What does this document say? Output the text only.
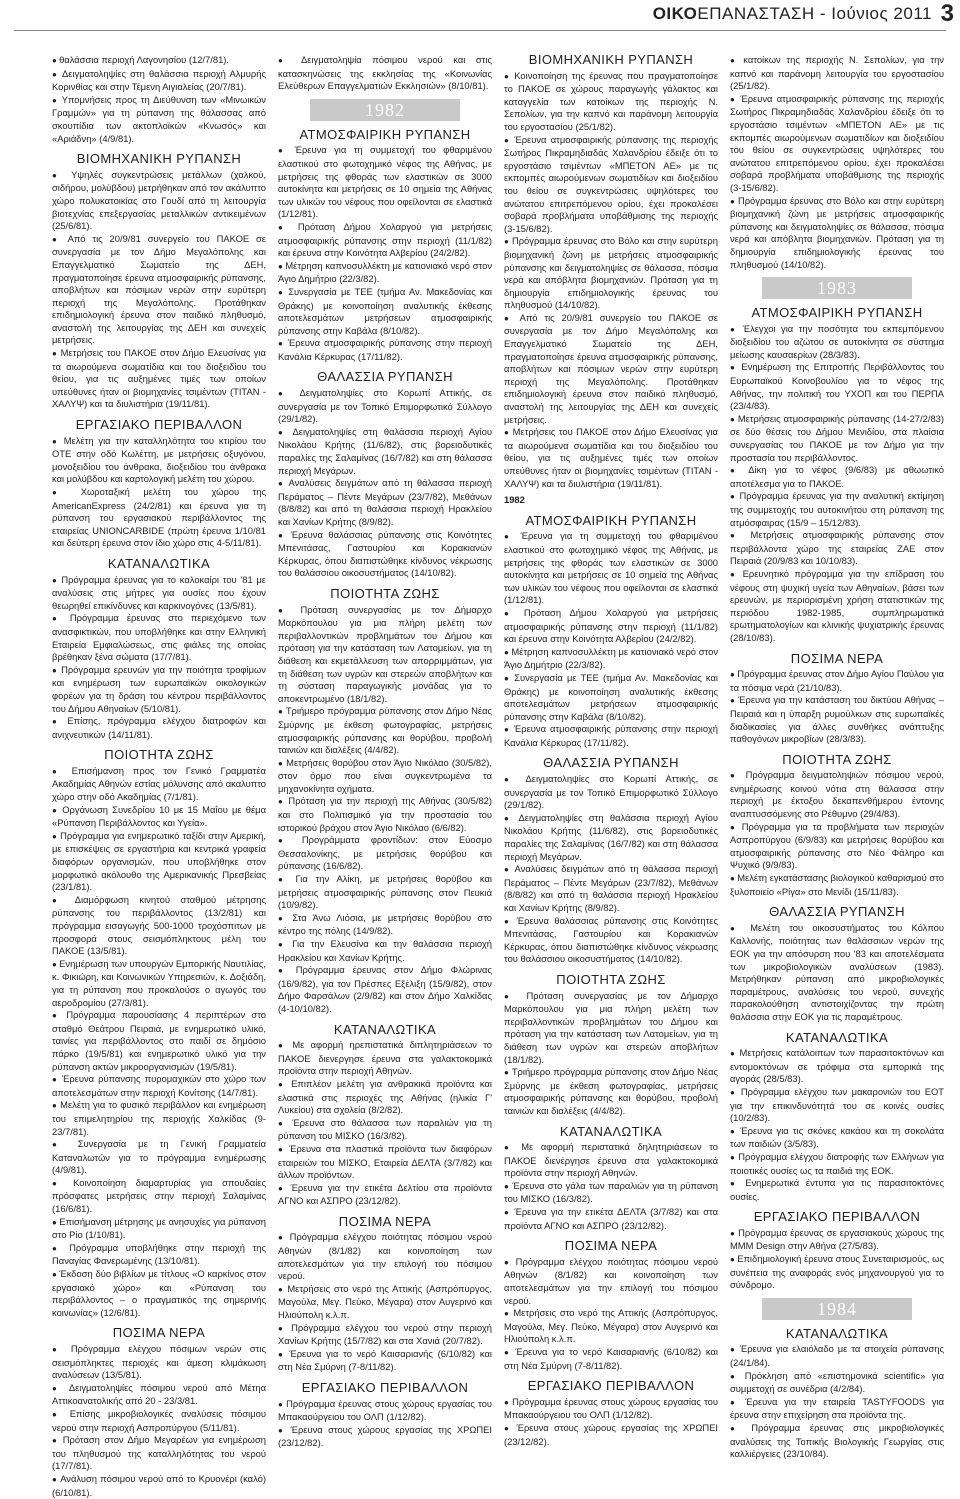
ΟΙΚΟΕΠΑΝΑΣΤΑΣΗ - Ιούνιος 2011 3

● θαλάσσια περιοχή Λαγονησίου (12/7/81).

● Δειγματοληψίες στη θαλάσσια περιοχή Αλμυρής Κορινθίας και στην Τέμενη Αιγιαλείας (20/7/81).

● Υπομνήσεις προς τη Διεύθυνση των «Μινωικών Γραμμών» για τη ρύπανση της θάλασσας από σκουπίδια των ακτοπλοϊκών «Κνωσός» και «Αριάδνη» (4/9/81).

ΒΙΟΜΗΧΑΝΙΚΗ ΡΥΠΑΝΣΗ

● Υψηλές συγκεντρώσεις μετάλλων (χαλκού, σιδήρου, μολύβδου) μετρήθηκαν από τον ακάλυπτο χώρο πολυκατοικίας στο Γουδί από τη λειτουργία βιοτεχνίας επεξεργασίας μεταλλικών αντικειμένων (25/6/81).

● Από τις 20/9/81 συνεργείο του ΠΑΚΟΕ σε συνεργασία με τον Δήμο Μεγαλόπολης και Επαγγελματικό Σωματείο της ΔΕΗ, πραγματοποίησε έρευνα ατμοσφαιρικής ρύπανσης, αποβλήτων και πόσιμων νερών στην ευρύτερη περιοχή της Μεγαλόπολης. Προτάθηκαν επιδημιολογική έρευνα στον παιδικό πληθυσμό, αναστολή της λειτουργίας της ΔΕΗ και συνεχείς μετρήσεις.

● Μετρήσεις του ΠΑΚΟΕ στον Δήμο Ελευσίνας για τα αιωρούμενα σωματίδια και του διοξειδίου του θείου, για τις αυξημένες τιμές των οποίων υπεύθυνες ήταν οι βιομηχανίες τσιμέντων (ΤΙΤΑΝ - ΧΑΛΥΨ) και τα διυλιστήρια (19/11/81).

ΕΡΓΑΣΙΑΚΟ ΠΕΡΙΒΑΛΛΟΝ

● Μελέτη για την καταλληλότητα του κτιρίου του ΟΤΕ στην οδό Κωλέττη, με μετρήσεις οξυγόνου, μονοξειδίου του άνθρακα, διοξειδίου του άνθρακα και μολύβδου και καρτολογική μελέτη του χώρου.

● Χωροταξική μελέτη του χώρου της AmericanExpress (24/2/81) και έρευνα για τη ρύπανση του εργασιακού περιβάλλοντος της εταιρείας UNIONCARBIDE (πρώτη έρευνα 1/10/81 και δεύτερη έρευνα στον ίδιο χώρο στις 4-5/11/81).

ΚΑΤΑΝΑΛΩΤΙΚΑ

● Πρόγραμμα έρευνας για το καλοκαίρι του '81 με αναλύσεις στις μήτρες για ουσίες που έχουν θεωρηθεί επικίνδυνες και καρκινογόνες (13/5/81).

● Πρόγραμμα έρευνας στο περιεχόμενο των ανασφικτικών, που υποβλήθηκε και στην Ελληνική Εταιρεία Εμφιαλώσεως, στις φιάλες της οποίας βρέθηκαν ξένα σώματα (17/7/81).

● Πρόγραμμα ερευνών για την ποιότητα τροφίμων και ενημέρωση των ευρωπαϊκών οικολογικών φορέων για τη δράση του κέντρου περιβάλλοντος του Δήμου Αθηναίων (5/10/81).

● Επίσης, πρόγραμμα ελέγχου διατροφών και ανιχνευτικών (14/11/81).

ΠΟΙΟΤΗΤΑ ΖΩΗΣ

● Επισήμανση προς τον Γενικό Γραμματέα Ακαδημίας Αθηνών εστίας μόλυνσης από ακαλυπτο χώρο στην οδό Ακαδημίας (7/1/81).

● Οργάνωση Συνεδρίου 10 με 15 Μαΐου με θέμα «Ρύπανση Περιβάλλοντος και Υγεία».

● Πρόγραμμα για ενημερωτικό ταξίδι στην Αμερική, με επισκέψεις σε εργαστήρια και κεντρικά γραφεία διαφόρων οργανισμών, που υποβλήθηκε στον μορφωτικό ακόλουθο της Αμερικανικής Πρεσβείας (23/1/81).

● Διαμόρφωση κινητού σταθμού μέτρησης ρύπανσης του περιβάλλοντος (13/2/81) και πρόγραμμα εισαγωγής 500-1000 τροχόσπιτων με προσφορά στους σεισμόπληκτους μέλη του ΠΑΚΟΕ (13/5/81).

● Ενημέρωση των υπουργών Εμπορικής Ναυτιλίας, κ. Φικιώρη, και Κοινωνικών Υπηρεσιών, κ. Δοξιάδη, για τη ρύπανση που προκαλούσε ο αγωγός του αεροδρομίου (27/3/81).

● Πρόγραμμα παρουσίασης 4 περιπτέρων στο σταθμό Θεάτρου Πειραιά, με ενημερωτικό υλικό, ταινίες για περιβάλλοντος στο παιδί σε δημόσιο πάρκο (19/5/81) και ενημερωτικό υλικό για την ρύπανση ακτών μικροοργανισμών (19/5/81).

● Έρευνα ρύπανσης πυρομαχικών στο χώρο των αποτελεσμάτων στην περιοχή Κονίτσης (14/7/81).

● Μελέτη για το φυσικό περιβάλλον και ενημέρωση του επιμελητηρίου της περιοχής Χαλκίδας (9-23/7/81).

● Συνεργασία με τη Γενική Γραμματεία Καταναλωτών για το πρόγραμμα ενημέρωσης (4/9/81).

● Κοινοποίηση διαμαρτυρίας για σπουδαίες πρόσφατες μετρήσεις στην περιοχή Σαλαμίνας (16/6/81).

● Επισήμανση μέτρησης με ανησυχίες για ρύπανση στο Ρίο (1/10/81).

● Πρόγραμμα υποβλήθηκε στην περιοχή της Παναγίας Φανερωμένης (13/10/81).

● Έκδοση δύο βιβλίων με τίτλους «Ο καρκίνος στον εργασιακό χώρο» και «Ρύπανση του περιβάλλοντος – ο πραγματικός της σημερινής κοινωνίας» (12/6/81).

ΠΟΣΙΜΑ ΝΕΡΑ

● Πρόγραμμα ελέγχου πόσιμων νερών στις σεισμόπληκτες περιοχές και άμεση κλιμάκωση αναλύσεων (13/5/81).

● Δειγματοληψίες πόσιμου νερού από Μέτηα Αττικοανατολικής από 20 - 23/3/81.

● Επίσης μικροβιολογικές αναλύσεις πόσιμου νερού στην περιοχή Ασπροπύργου (5/11/81).

● Πρόταση στον Δήμο Μεγαρέων για ενημέρωση του πληθυσμού της καταλληλότητας του νερού (17/7/81).

● Ανάλυση πόσιμου νερού από το Κρυονέρι (καλό) (6/10/81).

● Δειγματοληψία πόσιμου νερού και στις κατασκηνώσεις της εκκλησίας της «Κοινωνίας Ελεύθερων Επαγγελματιών Εκκλησιών» (8/10/81).

1982
ΑΤΜΟΣΦΑΙΡΙΚΗ ΡΥΠΑΝΣΗ

● Έρευνα για τη συμμετοχή του φθαριμένου ελαστικού στο φωτοχημικό νέφος της Αθήνας, με μετρήσεις της φθοράς των ελαστικών σε 3000 αυτοκίνητα και μετρήσεις σε 10 σημεία της Αθήνας των υλικών του νέφους που οφείλονται σε ελαστικά (1/12/81).

● Πρόταση Δήμου Χολαργού για μετρήσεις ατμοσφαιρικής ρύπανσης στην περιοχή (11/1/82) και έρευνα στην Κοινότητα Αλβερίου (24/2/82).

● Μέτρηση καπνοσυλλέκτη με κατιονιακό νερό στον Άγιο Δημήτριο (22/3/82).

● Συνεργασία με ΤΕΕ (τμήμα Αν. Μακεδονίας και Θράκης) με κοινοποίηση αναλυτικής έκθεσης αποτελεσμάτων μετρήσεων ατμοσφαιρικής ρύπανσης στην Καβάλα (8/10/82).

● Έρευνα ατμοσφαιρικής ρύπανσης στην περιοχή Κανάλια Κέρκυρας (17/11/82).

ΘΑΛΑΣΣΙΑ ΡΥΠΑΝΣΗ

● Δειγματοληψίες στο Κορωπί Αττικής, σε συνεργασία με τον Τοπικό Επιμορφωτικό Σύλλογο (29/1/82).

● Δειγματοληψίες στη θαλάσσια περιοχή Αγίου Νικολάου Κρήτης (11/6/82), στις βορειοδυτικές παραλίες της Σαλαμίνας (16/7/82) και στη θάλασσα περιοχή Μεγάρων.

● Αναλύσεις δειγμάτων από τη θάλασσα περιοχή Περάματος – Πέντε Μεγάρων (23/7/82), Μεθάνων (8/8/82) και από τη θαλάσσια περιοχή Ηρακλείου και Χανίων Κρήτης (8/9/82).

● Έρευνα θαλάσσιας ρύπανσης στις Κοινότητες Μπενιτάσας, Γαστουρίου και Κορακιανών Κέρκυρας, όπου διαπιστώθηκε κίνδυνος νέκρωσης του θαλάσσιου οικοσυστήματος (14/10/82).

ΠΟΙΟΤΗΤΑ ΖΩΗΣ

● Πρόταση συνεργασίας με τον Δήμαρχο Μαρκόπουλου για μια πλήρη μελέτη των περιβαλλοντικών προβλημάτων του Δήμου και πρόταση για την κατάσταση των Λατομείων, για τη διάθεση και εκμετάλλευση των απορριμμάτων, για τη διάθεση των υγρών και στερεών αποβλήτων και τη σύσταση παραγωγικής μονάδας για το αποκεντρωμένο (18/1/82).

● Τριήμερο πρόγραμμα ρύπανσης στον Δήμο Νέας Σμύρνης με έκθεση φωτογραφίας, μετρήσεις ατμοσφαιρικής ρύπανσης και θορύβου, προβολή ταινιών και διαλέξεις (4/4/82).

● Μετρήσεις θορύβου στον Άγιο Νικόλαο (30/5/82), στον όρμο που είναι συγκεντρωμένα τα μηχανοκίνητα οχήματα.

● Πρόταση για την περιοχή της Αθήνας (30/5/82) και στο Πολιτισμικό για την προστασία του ιστορικού βράχου στον Άγιο Νικόλαο (6/6/82).

● Προγράμματα φροντίδων: στον Εύοσμο Θεσσαλονίκης, με μετρήσεις θορύβου και ρύπανσης (16/6/82).

● Για την Αλίκη, με μετρήσεις θορύβου και μετρήσεις ατμοσφαιρικής ρύπανσης στον Πευκιά (10/9/82).

● Στα Άνω Λιόσια, με μετρήσεις θορύβου στο κέντρο της πόλης (14/9/82).

● Για την Ελευσίνα και την θαλάσσια περιοχή Ηρακλείου και Χανίων Κρήτης.

● Πρόγραμμα έρευνας στον Δήμο Φλώρινας (16/9/82), για τον Πρέσπες Εξέλιξη (15/9/82), στον Δήμο Φαρσάλων (2/9/82) και στον Δήμο Χαλκίδας (4-10/10/82).

ΚΑΤΑΝΑΛΩΤΙΚΑ

● Με αφορμή ηρεπιστατικά διπλητηριάσεων το ΠΑΚΟΕ διενεργησε έρευνα στα γαλακτοκομικά προϊόντα στην περιοχή Αθηνών.

● Επιπλέον μελέτη για ανθρακικά προϊόντα και ελαστικά στις περιοχές της Αθήνας (ηλικία Γ' Λυκείου) στα σχολεία (8/2/82).

● Έρευνα στο θάλασσα των παραλιών για τη ρύπανση του ΜΙΣΚΟ (16/3/82).

● Έρευνα στα πλαστικά προϊόντα των διαφόρων εταιρειών του ΜΙΣΚΟ, Εταιρεία ΔΕΛΤΑ (3/7/82) και άλλων προϊόντων.

● Έρευνα για την ετικέτα Δελτίου στα προϊόντα ΑΓΝΟ και ΑΣΠΡΟ (23/12/82).

ΠΟΣΙΜΑ ΝΕΡΑ

● Πρόγραμμα ελέγχου ποιότητας πόσιμου νερού Αθηνών (8/1/82) και κοινοποίηση των αποτελεσμάτων για την επιλογή του πόσιμου νερού.

● Μετρήσεις στο νερό της Αττικής (Ασπρόπυργος, Μαγούλα, Μεγ. Πεύκο, Μέγαρα) στον Αυγερινό και Ηλιούπολη κ.λ.π.

● Πρόγραμμα ελέγχου του νερού στην περιοχή Χανίων Κρήτης (15/7/82) και στα Χανιά (20/7/82).

● Έρευνα για το νερό Καισαριανής (6/10/82) και στη Νέα Σμύρνη (7-8/11/82).

ΕΡΓΑΣΙΑΚΟ ΠΕΡΙΒΑΛΛΟΝ

● Πρόγραμμα έρευνας στους χώρους εργασίας του Μπακαούργειου του ΟΛΠ (1/12/82).

● Έρευνα στους χώρους εργασίας της ΧΡΩΠΕΙ (23/12/82).

ΒΙΟΜΗΧΑΝΙΚΗ ΡΥΠΑΝΣΗ

● Κοινοποίηση της έρευνας που πραγματοποίησε το ΠΑΚΟΕ σε χώρους παραγωγής γάλακτος και καταγγελία των κατοίκων της περιοχής Ν. Σεπολίων, για την καπνό και παράνομη λειτουργία του εργοστασίου (25/1/82).

● Έρευνα ατμοσφαιρικής ρύπανσης της περιοχής Σωτήρος Πικραμηδιαδάς Χαλανδρίου έδειξε ότι το εργοστάσιο τσιμέντων «ΜΠΕΤΟΝ ΑΕ» με τις εκπομπές αιωρούμενων σωματιδίων και διοξειδίου του θείου σε συγκεντρώσεις υψηλότερες του ανώτατου επιτρεπόμενου ορίου, έχει προκαλέσει σοβαρά προβλήματα υποβάθμισης της περιοχής (3-15/6/82).

● Πρόγραμμα έρευνας στο Βόλο και στην ευρύτερη βιομηχανική ζώνη με μετρήσεις ατμοσφαιρικής ρύπανσης και δειγματοληψίες σε θάλασσα, πόσιμα νερά και απόβλητα βιομηχανιών. Πρόταση για τη δημιουργία επιδημιολογικής έρευνας του πληθυσμού (14/10/82).

● Από τις 20/9/81 συνεργείο του ΠΑΚΟΕ σε συνεργασία με τον Δήμο Μεγαλόπολης και Επαγγελματικό Σωματείο της ΔΕΗ, πραγματοποίησε έρευνα ατμοσφαιρικής ρύπανσης, αποβλήτων και πόσιμων νερών στην ευρύτερη περιοχή της Μεγαλόπολης. Προτάθηκαν επιδημιολογική έρευνα στον παιδικό πληθυσμό, αναστολή της λειτουργίας της ΔΕΗ και συνεχείς μετρήσεις.

● Μετρήσεις του ΠΑΚΟΕ στον Δήμο Ελευσίνας για τα αιωρούμενα σωματίδια και του διοξειδίου του θείου, για τις αυξημένες τιμές των οποίων υπεύθυνες ήταν οι βιομηχανίες τσιμέντων (ΤΙΤΑΝ - ΧΑΛΥΨ) και τα διυλιστήρια (19/11/81).

1982
ΑΤΜΟΣΦΑΙΡΙΚΗ ΡΥΠΑΝΣΗ

● Έρευνα για τη συμμετοχή του φθαριμένου ελαστικού στο φωτοχημικό νέφος της Αθήνας, με μετρήσεις της φθοράς των ελαστικών σε 3000 αυτοκίνητα και μετρήσεις σε 10 σημεία της Αθήνας των υλικών του νέφους που οφείλονται σε ελαστικά (1/12/81).

● Πρόταση Δήμου Χολαργού για μετρήσεις ατμοσφαιρικής ρύπανσης στην περιοχή (11/1/82) και έρευνα στην Κοινότητα Αλβερίου (24/2/82).

● Μέτρηση καπνοσυλλέκτη με κατιονιακό νερό στον Άγιο Δημήτριο (22/3/82).

● Συνεργασία με ΤΕΕ (τμήμα Αν. Μακεδονίας και Θράκης) με κοινοποίηση αναλυτικής έκθεσης αποτελεσμάτων μετρήσεων ατμοσφαιρικής ρύπανσης στην Καβάλα (8/10/82).

● Έρευνα ατμοσφαιρικής ρύπανσης στην περιοχή Κανάλια Κέρκυρας (17/11/82).

ΘΑΛΑΣΣΙΑ ΡΥΠΑΝΣΗ

● Δειγματοληψίες στο Κορωπί Αττικής, σε συνεργασία με τον Τοπικό Επιμορφωτικό Σύλλογο (29/1/82).

● Δειγματοληψίες στη θαλάσσια περιοχή Αγίου Νικολάου Κρήτης (11/6/82), στις βορειοδυτικές παραλίες της Σαλαμίνας (16/7/82) και στη θάλασσα περιοχή Μεγάρων.

● Αναλύσεις δειγμάτων από τη θάλασσα περιοχή Περάματος – Πέντε Μεγάρων (23/7/82), Μεθάνων (8/8/82) και από τη θαλάσσια περιοχή Ηρακλείου και Χανίων Κρήτης (8/9/82).

● Έρευνα θαλάσσιας ρύπανσης στις Κοινότητες Μπενιτάσας, Γαστουρίου και Κορακιανών Κέρκυρας, όπου διαπιστώθηκε κίνδυνος νέκρωσης του θαλάσσιου οικοσυστήματος (14/10/82).

ΠΟΙΟΤΗΤΑ ΖΩΗΣ

● Πρόταση συνεργασίας με τον Δήμαρχο Μαρκόπουλου για μια πλήρη μελέτη των περιβαλλοντικών προβλημάτων του Δήμου και πρόταση για την κατάσταση των Λατομείων, για τη διάθεση των υγρών και στερεών αποβλήτων (18/1/82).

● Τριήμερο πρόγραμμα ρύπανσης στον Δήμο Νέας Σμύρνης με έκθεση φωτογραφίας, μετρήσεις ατμοσφαιρικής ρύπανσης και θορύβου, προβολή ταινιών και διαλέξεις (4/4/82).

ΚΑΤΑΝΑΛΩΤΙΚΑ

● Με αφορμή περιστατικά δηλητηριάσεων το ΠΑΚΟΕ διενέργησε έρευνα στα γαλακτοκομικά προϊόντα στην περιοχή Αθηνών.

● Έρευνα στο γάλα των παραλιών για τη ρύπανση του ΜΙΣΚΟ (16/3/82).

● Έρευνα για την ετικέτα ΔΕΛΤΑ (3/7/82) και στα προϊόντα ΑΓΝΟ και ΑΣΠΡΟ (23/12/82).

ΠΟΣΙΜΑ ΝΕΡΑ

● Πρόγραμμα ελέγχου ποιότητας πόσιμου νερού Αθηνών (8/1/82) και κοινοποίηση των αποτελεσμάτων για την επιλογή του πόσιμου νερού.

● Μετρήσεις στο νερό της Αττικής (Ασπρόπυργος, Μαγούλα, Μεγ. Πεύκο, Μέγαρα) στον Αυγερινό και Ηλιούπολη κ.λ.π.

● Έρευνα για το νερό Καισαριανής (6/10/82) και στη Νέα Σμύρνη (7-8/11/82).

ΕΡΓΑΣΙΑΚΟ ΠΕΡΙΒΑΛΛΟΝ

● Πρόγραμμα έρευνας στους χώρους εργασίας του Μπακαούργειου του ΟΛΠ (1/12/82).

● Έρευνα στους χώρους εργασίας της ΧΡΩΠΕΙ (23/12/82).

● κατοίκων της περιοχής Ν. Σεπολίων, για την καπνό και παράνομη λειτουργία του εργοστασίου (25/1/82).

● Έρευνα ατμοσφαιρικής ρύπανσης της περιοχής Σωτήρος Πικραμηδιαδάς Χαλανδρίου έδειξε ότι το εργοστάσιο τσιμέντων «ΜΠΕΤΟΝ ΑΕ» με τις εκπομπές αιωρούμενων σωματιδίων και διοξειδίου του θείου σε συγκεντρώσεις υψηλότερες του ανώτατου επιτρεπόμενου ορίου, έχει προκαλέσει σοβαρά προβλήματα υποβάθμισης της περιοχής (3-15/6/82).

● Πρόγραμμα έρευνας στο Βόλο και στην ευρύτερη βιομηχανική ζώνη με μετρήσεις ατμοσφαιρικής ρύπανσης και δειγματοληψίες σε θάλασσα, πόσιμα νερά και απόβλητα βιομηχανιών. Πρόταση για τη δημιουργία επιδημιολογικής έρευνας του πληθυσμού (14/10/82).

1983
ΑΤΜΟΣΦΑΙΡΙΚΗ ΡΥΠΑΝΣΗ

● Έλεγχοι για την ποσότητα του εκπεμπόμενου διοξειδίου του αζώτου σε αυτοκίνητα σε σύστημα μείωσης καυσαερίων (28/3/83).

● Ενημέρωση της Επιτροπής Περιβάλλοντος του Ευρωπαϊκού Κοινοβουλίου για το νέφος της Αθήνας, την πολιτική του ΥΧΟΠ και του ΠΕΡΠΑ (23/4/83).

● Μετρήσεις ατμοσφαιρικής ρύπανσης (14-27/2/83) σε δύο θέσεις του Δήμου Μενιδίου, στα πλαίσια συνεργασίας του ΠΑΚΟΕ με τον Δήμο για την προστασία του περιβάλλοντος.

● Δίκη για το νέφος (9/6/83) με αθωωτικό αποτέλεσμα για το ΠΑΚΟΕ.

● Πρόγραμμα έρευνας για την αναλυτική εκτίμηση της συμμετοχής του αυτοκινήτου στη ρύπανση της ατμόσφαιρας (15/9 – 15/12/83).

● Μετρήσεις ατμοσφαιρικής ρύπανσης στον περιβάλλοντα χώρο της εταιρείας ΖΑΕ στον Πειραιά (20/9/83 και 10/10/83).

● Ερευνητικό πρόγραμμα για την επίδραση του νέφους στη ψυχική υγεία των Αθηναίων, βάσει των ερευνών, με περιορισμένη χρήση στατιστικών της περιόδου 1982-1985, συμπληρωματικά ερωτηματολογίων και κλινικής ψυχιατρικής έρευνας (28/10/83).

ΠΟΣΙΜΑ ΝΕΡΑ

● Πρόγραμμα έρευνας στον Δήμο Αγίου Παύλου για τα πόσιμα νερά (21/10/83).

● Έρευνα για την κατάσταση του δικτύου Αθήνας – Πειραιά και η ύπαρξη ρυμούλκων στις ευρωπαϊκές διαδικασίες για άλλες συνθήκες ανάπτυξης παθογόνων μικροβίων (28/3/83).

ΠΟΙΟΤΗΤΑ ΖΩΗΣ

● Πρόγραμμα δειγματοληψιών πόσιμου νερού, ενημέρωσης κοινού νότια στη θάλασσα στην περιοχή με έκτοξου δεκαπενθήμερου έντονης αναπτυσσόμενης στο Ρέθυμνο (29/4/83).

● Πρόγραμμα για τα προβλήματα των περιοχών Ασπροπύργου (6/9/83) και μετρήσεις θορύβου και ατμοσφαιρικής ρύπανσης στο Νέο Φάληρο και Ψυχικό (9/9/83).

● Μελέτη εγκατάστασης βιολογικού καθαρισμού στο ξυλοποιείο «Ρίγα» στο Μενίδι (15/11/83).

ΘΑΛΑΣΣΙΑ ΡΥΠΑΝΣΗ

● Μελέτη του οικοσυστήματος του Κόλπου Καλλονής, ποιότητας των θαλάσσιων νερών της ΕΟΚ για την απόσυρση που '83 και αποτελέσματα των μικροβιολογικών αναλύσεων (1983). Μετρήθηκαν ρύπανση από μικροβιολογικές παραμέτρους, αναλύσεις του νερού, συνεχής παρακολούθηση αντιστοιχίζοντας την πρώτη θαλάσσια στην ΕΟΚ για τις παραμέτρους.

ΚΑΤΑΝΑΛΩΤΙΚΑ

● Μετρήσεις κατάλοιπων των παρασιτοκτόνων και εντομοκτόνων σε τρόφιμα στα εμπορικά της αγοράς (28/5/83).

● Πρόγραμμα ελέγχου των μακαρονιών του ΕΟΤ για την επικινδυνότητά του σε κοινές ουσίες (10/2/83).

● Έρευνα για τις σκόνες κακάου και τη σοκολάτα των παιδιών (3/5/83).

● Πρόγραμμα ελέγχου διατροφής των Ελλήνων για ποιοτικές ουσίες ως τα παιδιά της ΕΟΚ.

● Ενημερωτικά έντυπα για τις παρασιτοκτόνες ουσίες.

ΕΡΓΑΣΙΑΚΟ ΠΕΡΙΒΑΛΛΟΝ

● Πρόγραμμα έρευνας σε εργασιακούς χώρους της ΜΜΜ Design στην Αθήνα (27/5/83).

● Επιδημιολογική έρευνα στους Συνεταιρισμούς, ως συνέπεια της αναφοράς ενός μηχανουργού για το σύνδρομο.

1984
ΚΑΤΑΝΑΛΩΤΙΚΑ

● Έρευνα για ελαιόλαδο με τα στοιχεία ρύπανσης (24/1/84).

● Πρόκληση από «επιστημονικά scientific» για συμμετοχή σε συνέδρια (4/2/84).

● Έρευνα για την εταιρεία TASTYFOODS για έρευνα στην επιχείρηση στα προϊόντα της.

● Πρόγραμμα έρευνας στις μικροβιολογικές αναλύσεις της Τοπικής Βιολογικής Γεωργίας στις καλλιέργειες (23/10/84).
